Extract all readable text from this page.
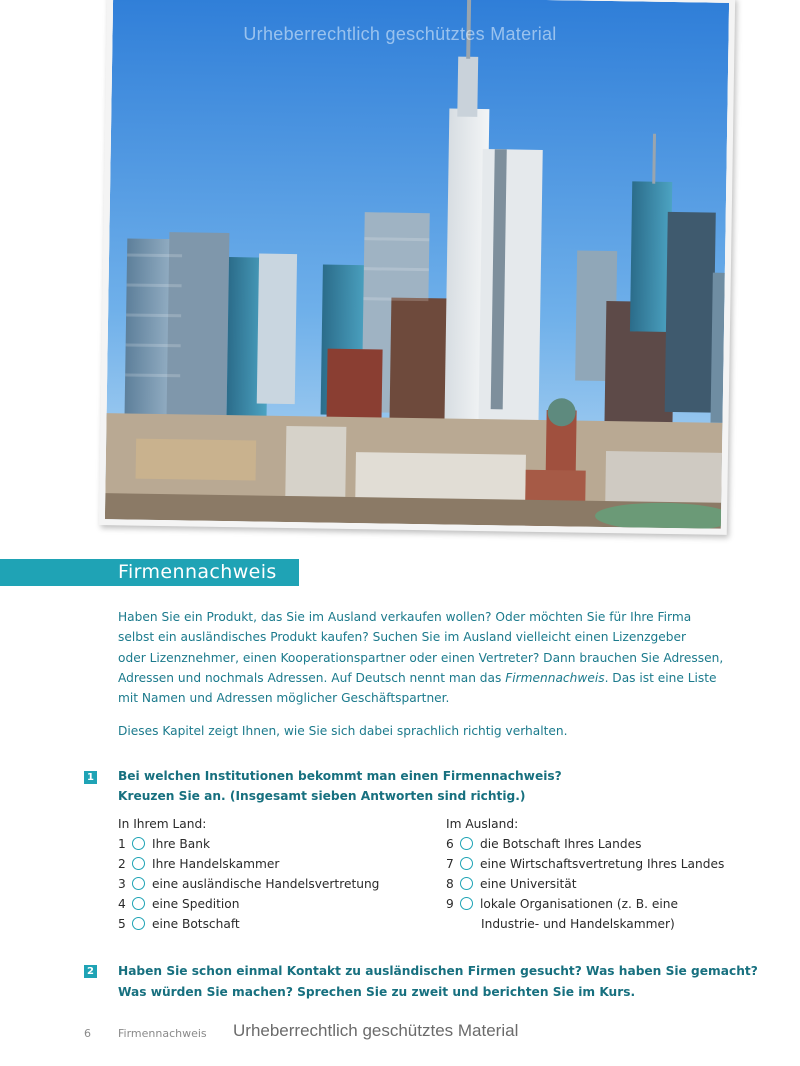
Urheberrechtlich geschütztes Material
Firmennachweis

Haben Sie ein Produkt, das Sie im Ausland verkaufen wollen? Oder möchten Sie für Ihre Firma

selbst ein ausländisches Produkt kaufen? Suchen Sie im Ausland vielleicht einen Lizenzgeber

oder Lizenznehmer, einen Kooperationspartner oder einen Vertreter? Dann brauchen Sie Adressen,

Adressen und nochmals Adressen. Auf Deutsch nennt man das Firmennachweis. Das ist eine Liste

mit Namen und Adressen möglicher Geschäftspartner.

Dieses Kapitel zeigt Ihnen, wie Sie sich dabei sprachlich richtig verhalten.
1 Bei welchen Institutionen bekommt man einen Firmennachweis?
Kreuzen Sie an. (Insgesamt sieben Antworten sind richtig.)
In Ihrem Land:	Im Ausland:
1 Ihre Bank
2 Ihre Handelskammer
3 eine ausländische Handelsvertretung
4 eine Spedition
5 eine Botschaft
6 die Botschaft Ihres Landes
7 eine Wirtschaftsvertretung Ihres Landes
8 eine Universität
9 lokale Organisationen (z. B. eine
Industrie- und Handelskammer)
2 Haben Sie schon einmal Kontakt zu ausländischen Firmen gesucht? Was haben Sie gemacht?
Was würden Sie machen? Sprechen Sie zu zweit und berichten Sie im Kurs.
6 Firmennachweis Urheberrechtlich geschütztes Material
